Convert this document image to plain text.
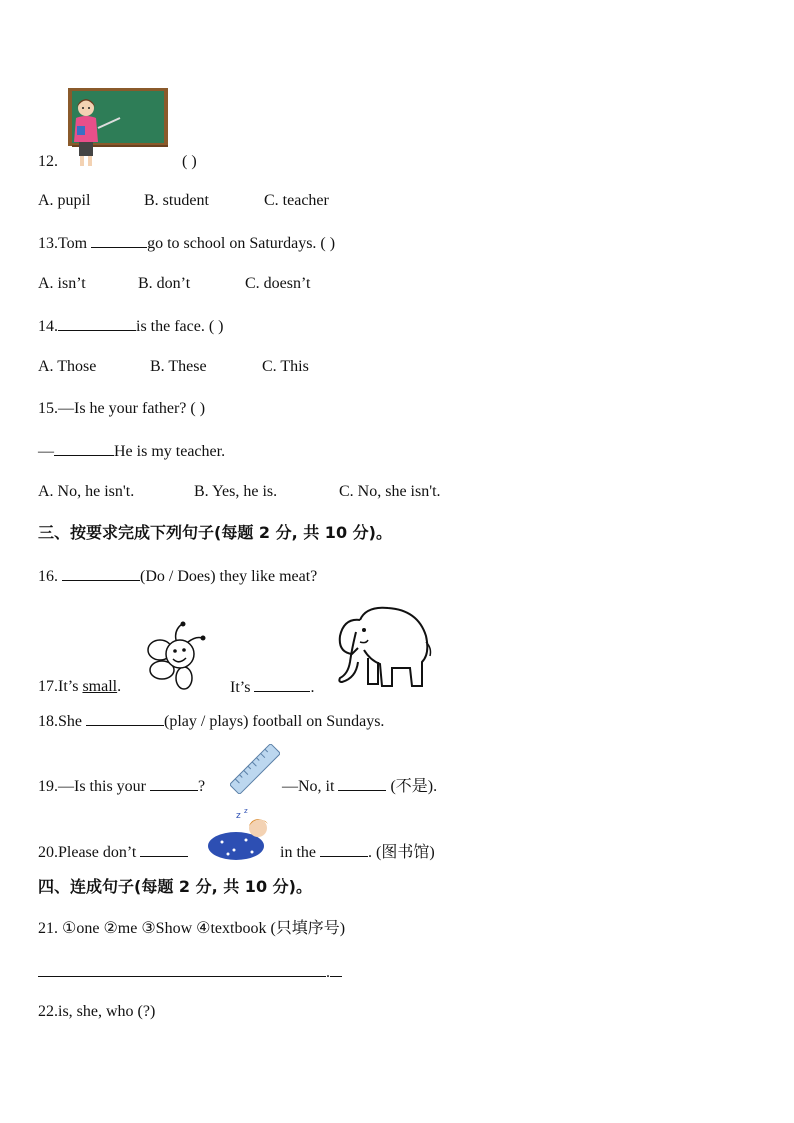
12.	( )
A. pupil	B. student	C. teacher
13.Tom	go to school on Saturdays. ( )
A. isn’t	B. don’t	C. doesn’t
14.	is the face. ( )
A. Those	B. These	C. This
15.—Is he your father? ( )
—	He is my teacher.
A. No, he isn't.	B. Yes, he is.	C. No, she isn't.
三、按要求完成下列句子(每题 2 分, 共 10 分)。
16.	(Do / Does) they like meat?
17.It’s small.	It’s	.
18.She	(play / plays) football on Sundays.
19.—Is this your	?	—No, it	(不是).
z z
20.Please don’t	in the	. (图书馆)
四、连成句子(每题 2 分, 共 10 分)。
21. ①one ②me ③Show ④textbook (只填序号)
.
22.is, she, who (?)
